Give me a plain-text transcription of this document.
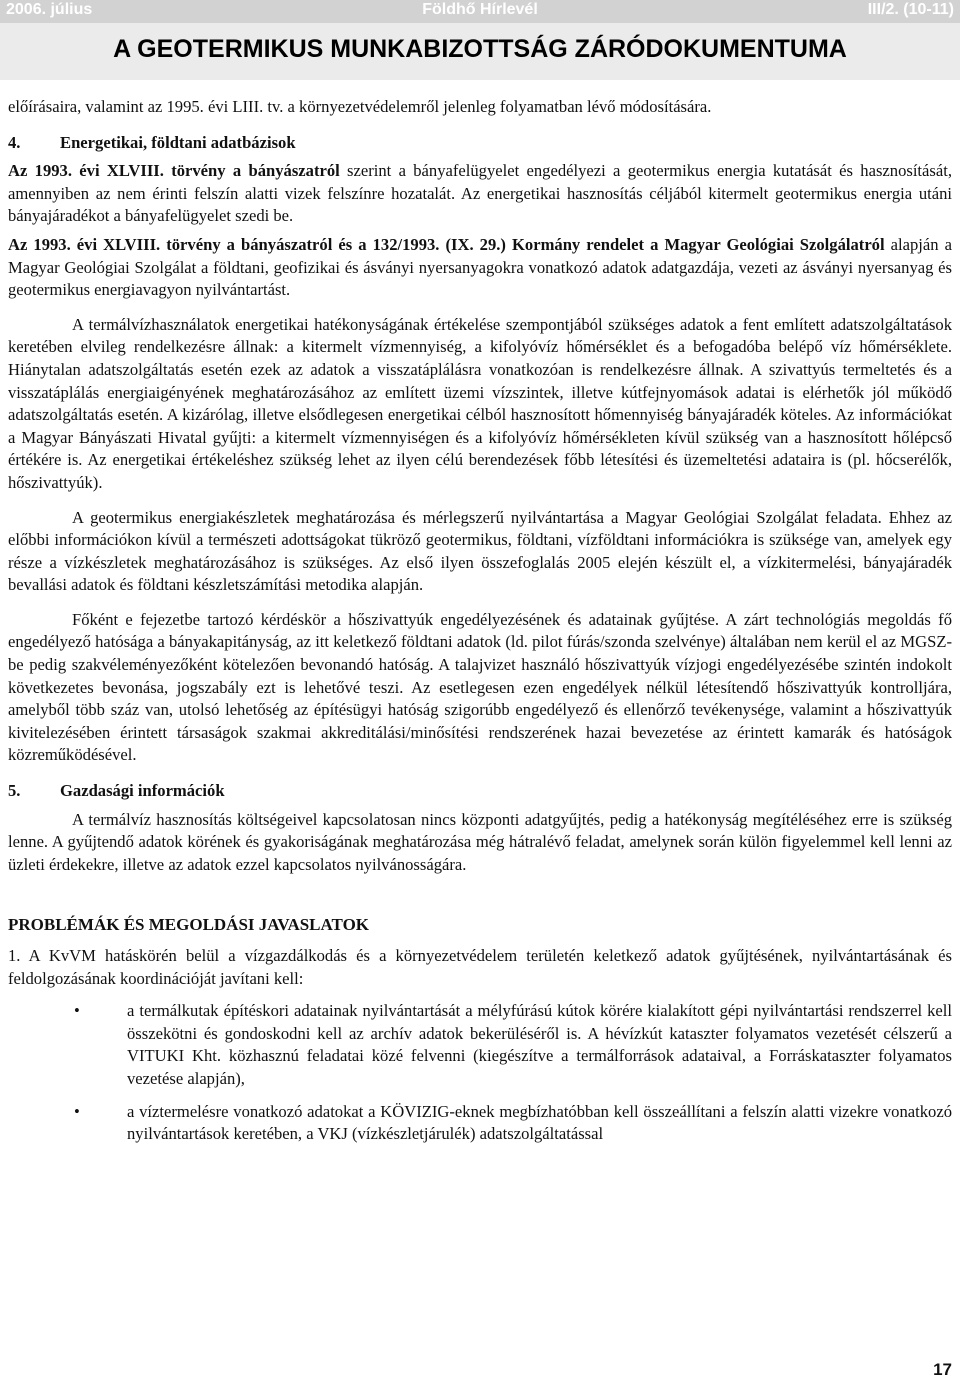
2006. július	Földhő Hírlevél	III/2. (10-11)
A GEOTERMIKUS MUNKABIZOTTSÁG ZÁRÓDOKUMENTUMA

előírásaira, valamint az 1995. évi LIII. tv. a környezetvédelemről jelenleg folyamatban lévő módosítására.

4. Energetikai, földtani adatbázisok

Az 1993. évi XLVIII. törvény a bányászatról szerint a bányafelügyelet engedélyezi a geotermikus energia kutatását és hasznosítását, amennyiben az nem érinti felszín alatti vizek felszínre hozatalát. Az energetikai hasznosítás céljából kitermelt geotermikus energia utáni bányajáradékot a bányafelügyelet szedi be.

Az 1993. évi XLVIII. törvény a bányászatról és a 132/1993. (IX. 29.) Kormány rendelet a Magyar Geológiai Szolgálatról alapján a Magyar Geológiai Szolgálat a földtani, geofizikai és ásványi nyersanyagokra vonatkozó adatok adatgazdája, vezeti az ásványi nyersanyag és geotermikus energiavagyon nyilvántartást.

A termálvízhasználatok energetikai hatékonyságának értékelése szempontjából szükséges adatok a fent említett adatszolgáltatások keretében elvileg rendelkezésre állnak: a kitermelt vízmennyiség, a kifolyóvíz hőmérséklet és a befogadóba belépő víz hőmérséklete. Hiánytalan adatszolgáltatás esetén ezek az adatok a visszatáplálásra vonatkozóan is rendelkezésre állnak. A szivattyús termeltetés és a visszatáplálás energiaigényének meghatározásához az említett üzemi vízszintek, illetve kútfejnyomások adatai is elérhetők jól működő adatszolgáltatás esetén. A kizárólag, illetve elsődlegesen energetikai célból hasznosított hőmennyiség bányajáradék köteles. Az információkat a Magyar Bányászati Hivatal gyűjti: a kitermelt vízmennyiségen és a kifolyóvíz hőmérsékleten kívül szükség van a hasznosított hőlépcső értékére is. Az energetikai értékeléshez szükség lehet az ilyen célú berendezések főbb létesítési és üzemeltetési adataira is (pl. hőcserélők, hőszivattyúk).

A geotermikus energiakészletek meghatározása és mérlegszerű nyilvántartása a Magyar Geológiai Szolgálat feladata. Ehhez az előbbi információkon kívül a természeti adottságokat tükröző geotermikus, földtani, vízföldtani információkra is szüksége van, amelyek egy része a vízkészletek meghatározásához is szükséges. Az első ilyen összefoglalás 2005 elején készült el, a vízkitermelési, bányajáradék bevallási adatok és földtani készletszámítási metodika alapján.

Főként e fejezetbe tartozó kérdéskör a hőszivattyúk engedélyezésének és adatainak gyűjtése. A zárt technológiás megoldás fő engedélyező hatósága a bányakapitányság, az itt keletkező földtani adatok (ld. pilot fúrás/szonda szelvénye) általában nem kerül el az MGSZ-be pedig szakvéleményezőként kötelezően bevonandó hatóság. A talajvizet használó hőszivattyúk vízjogi engedélyezésébe szintén indokolt következetes bevonása, jogszabály ezt is lehetővé teszi. Az esetlegesen ezen engedélyek nélkül létesítendő hőszivattyúk kontrolljára, amelyből több száz van, utolsó lehetőség az építésügyi hatóság szigorúbb engedélyező és ellenőrző tevékenysége, valamint a hőszivattyúk kivitelezésében érintett társaságok szakmai akkreditálási/minősítési rendszerének hazai bevezetése az érintett kamarák és hatóságok közreműködésével.

5. Gazdasági információk

A termálvíz hasznosítás költségeivel kapcsolatosan nincs központi adatgyűjtés, pedig a hatékonyság megítéléséhez erre is szükség lenne. A gyűjtendő adatok körének és gyakoriságának meghatározása még hátralévő feladat, amelynek során külön figyelemmel kell lenni az üzleti érdekekre, illetve az adatok ezzel kapcsolatos nyilvánosságára.

PROBLÉMÁK ÉS MEGOLDÁSI JAVASLATOK

1. A KvVM hatáskörén belül a vízgazdálkodás és a környezetvédelem területén keletkező adatok gyűjtésének, nyilvántartásának és feldolgozásának koordinációját javítani kell:

•	a termálkutak építéskori adatainak nyilvántartását a mélyfúrású kútok körére kialakított gépi nyilvántartási rendszerrel kell összekötni és gondoskodni kell az archív adatok bekerüléséről is. A hévízkút kataszter folyamatos vezetését célszerű a VITUKI Kht. közhasznú feladatai közé felvenni (kiegészítve a termálforrások adataival, a Forráskataszter folyamatos vezetése alapján),
•	a víztermelésre vonatkozó adatokat a KÖVIZIG-eknek megbízhatóbban kell összeállítani a felszín alatti vizekre vonatkozó nyilvántartások keretében, a VKJ (vízkészletjárulék) adatszolgáltatással
17
